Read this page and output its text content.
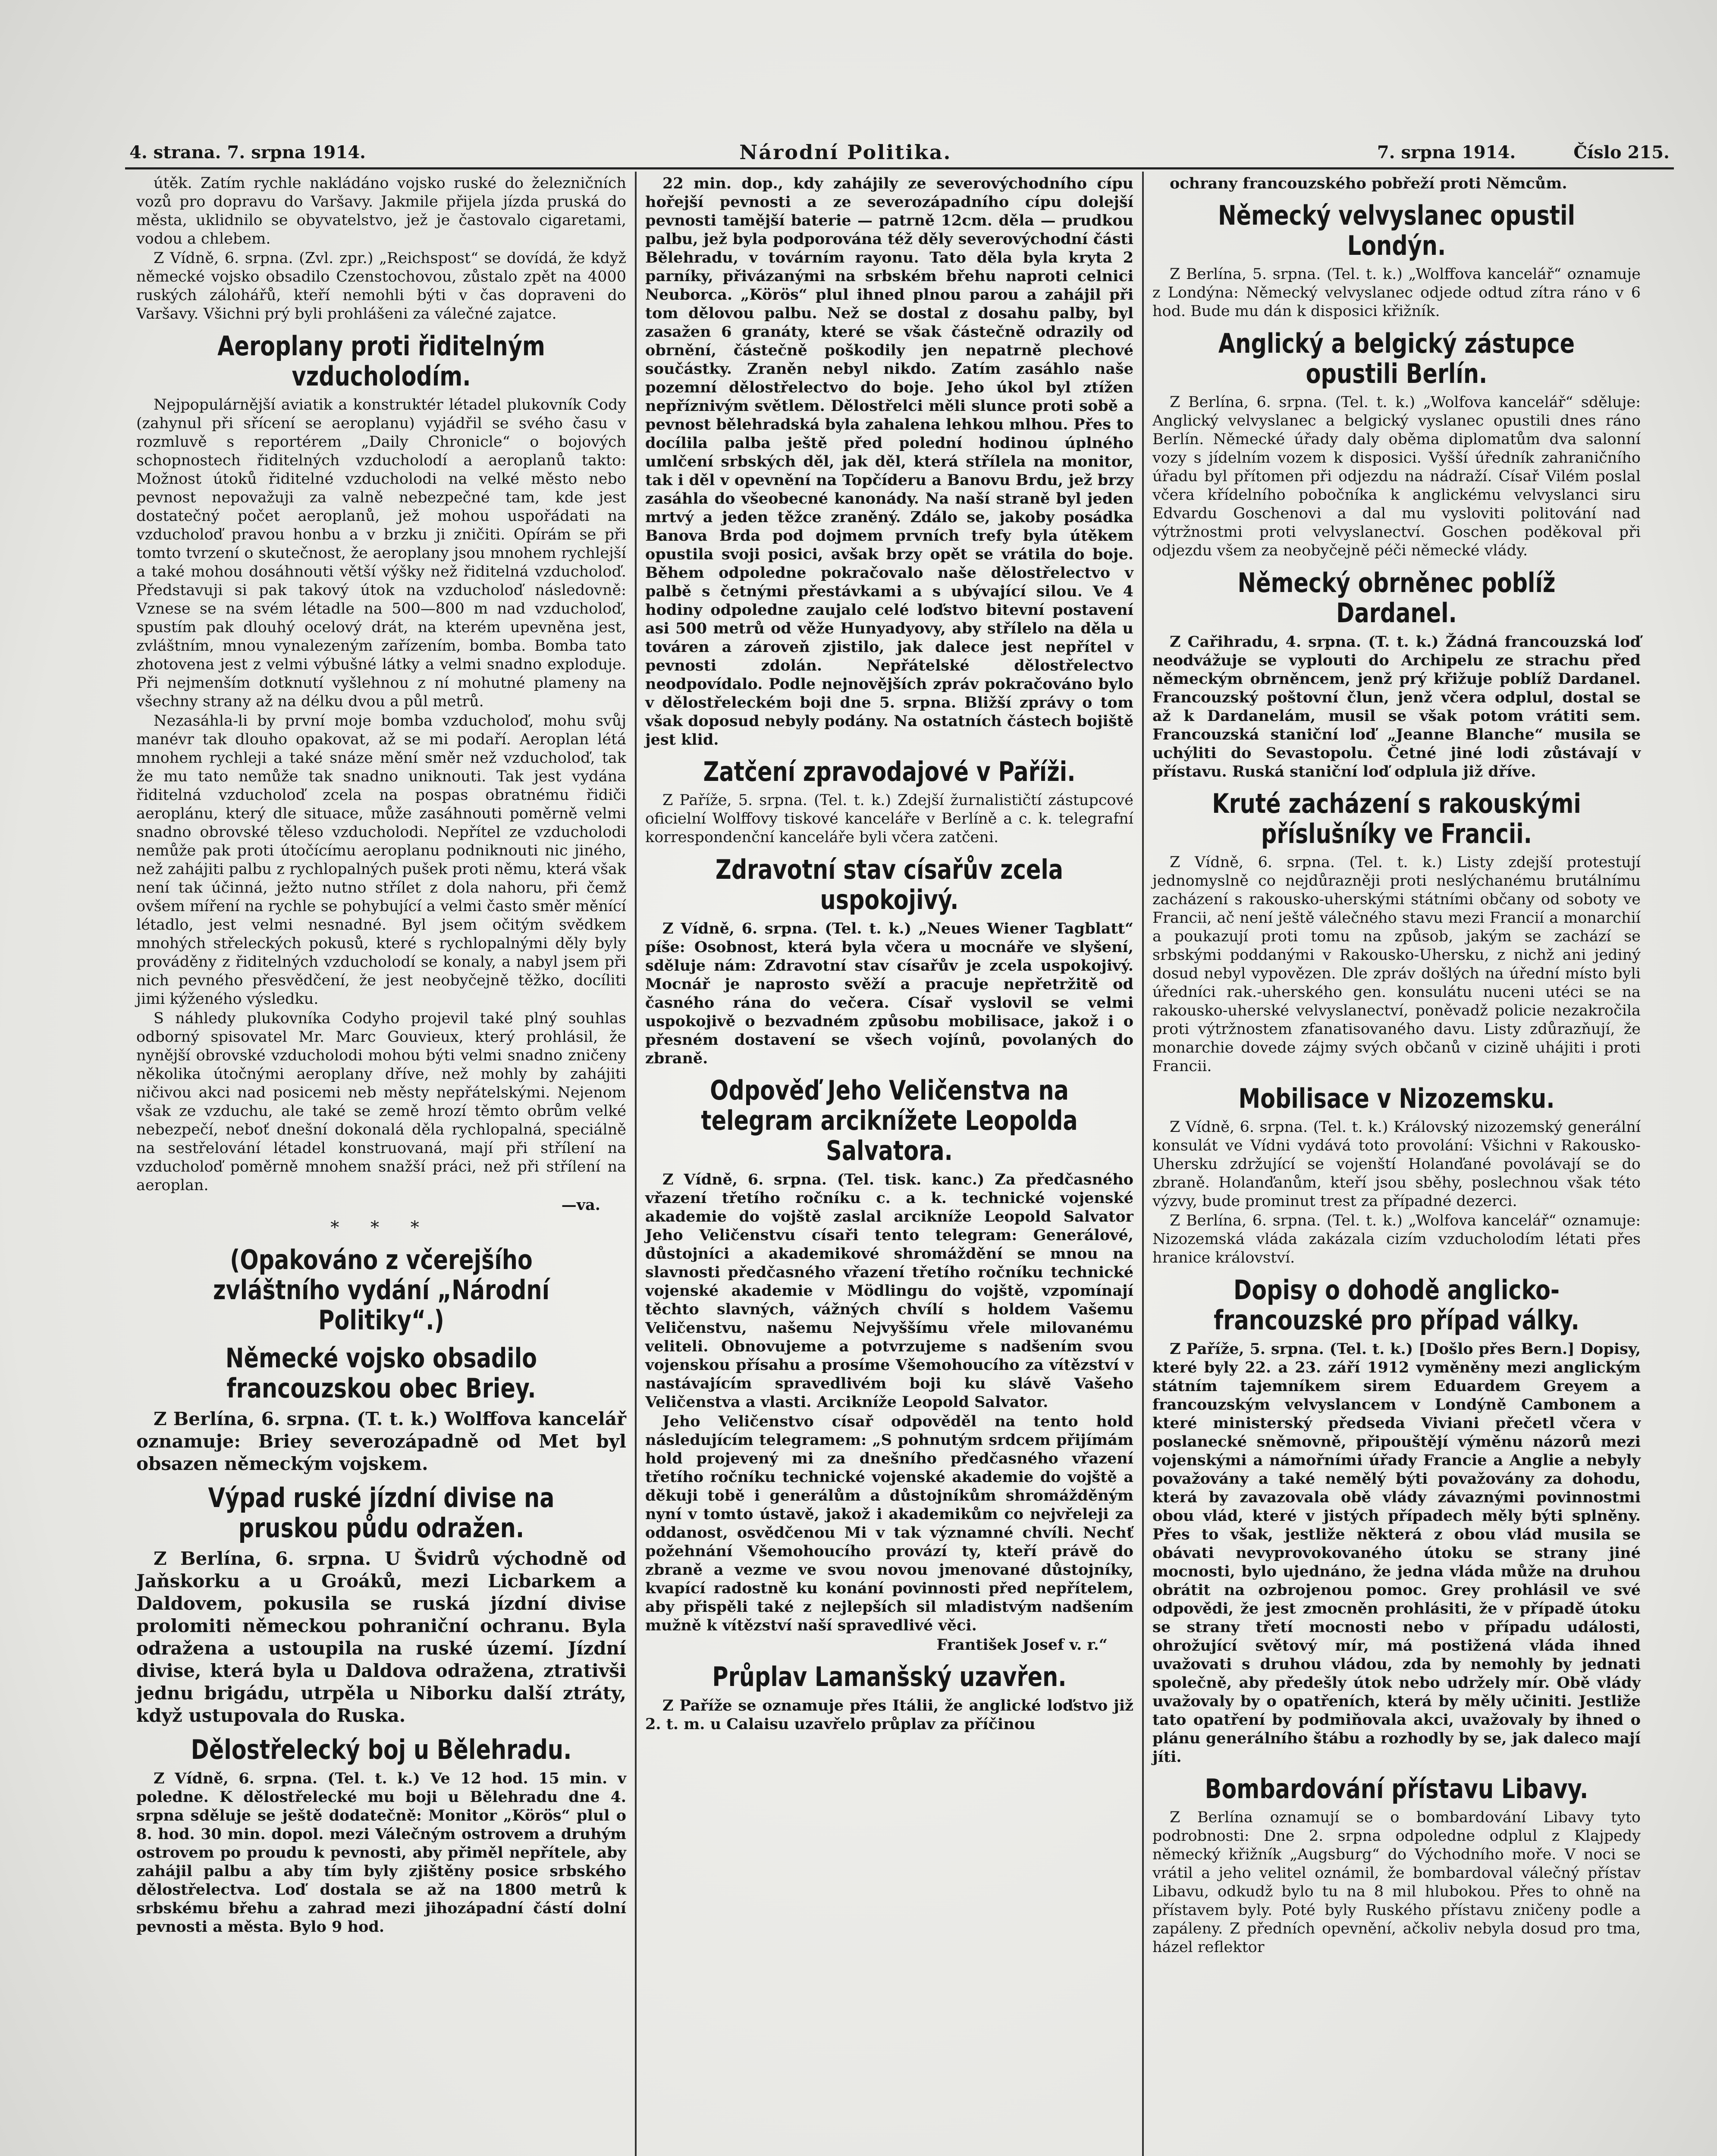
4. strana. 7. srpna 1914.	Národní Politika.	7. srpna 1914.	Číslo 215.

útěk. Zatím rychle nakládáno vojsko ruské do železničních vozů pro dopravu do Varšavy. Jakmile přijela jízda pruská do města, uklidnilo se obyvatelstvo, jež je častovalo cigaretami, vodou a chlebem.

Z Vídně, 6. srpna. (Zvl. zpr.) „Reichspost“ se dovídá, že když německé vojsko obsadilo Czenstochovou, zůstalo zpět na 4000 ruských zálohářů, kteří nemohli býti v čas dopraveni do Varšavy. Všichni prý byli prohlášeni za válečné zajatce.

Aeroplany proti řiditelným vzducholodím.

Nejpopulárnější aviatik a konstruktér létadel plukovník Cody (zahynul při sřícení se aeroplanu) vyjádřil se svého času v rozmluvě s reportérem „Daily Chronicle“ o bojových schopnostech řiditelných vzducholodí a aeroplanů takto: Možnost útoků řiditelné vzducholodi na velké město nebo pevnost nepovažuji za valně nebezpečné tam, kde jest dostatečný počet aeroplanů, jež mohou uspořádati na vzducholoď pravou honbu a v brzku ji zničiti. Opírám se při tomto tvrzení o skutečnost, že aeroplany jsou mnohem rychlejší a také mohou dosáhnouti větší výšky než řiditelná vzducholoď. Představuji si pak takový útok na vzducholoď následovně: Vznese se na svém létadle na 500—800 m nad vzducholoď, spustím pak dlouhý ocelový drát, na kterém upevněna jest, zvláštním, mnou vynalezeným zařízením, bomba. Bomba tato zhotovena jest z velmi výbušné látky a velmi snadno exploduje. Při nejmenším dotknutí vyšlehnou z ní mohutné plameny na všechny strany až na délku dvou a půl metrů.

Nezasáhla-li by první moje bomba vzducholoď, mohu svůj manévr tak dlouho opakovat, až se mi podaří. Aeroplan létá mnohem rychleji a také snáze mění směr než vzducholoď, tak že mu tato nemůže tak snadno uniknouti. Tak jest vydána řiditelná vzducholoď zcela na pospas obratnému řidiči aeroplánu, který dle situace, může zasáhnouti poměrně velmi snadno obrovské těleso vzducholodi. Nepřítel ze vzducholodi nemůže pak proti útočícímu aeroplanu podniknouti nic jiného, než zahájiti palbu z rychlopalných pušek proti němu, která však není tak účinná, ježto nutno střílet z dola nahoru, při čemž ovšem míření na rychle se pohybující a velmi často směr měnící létadlo, jest velmi nesnadné. Byl jsem očitým svědkem mnohých střeleckých pokusů, které s rychlopalnými děly byly prováděny z řiditelných vzducholodí se konaly, a nabyl jsem při nich pevného přesvědčení, že jest neobyčejně těžko, docíliti jimi kýženého výsledku.

S náhledy plukovníka Codyho projevil také plný souhlas odborný spisovatel Mr. Marc Gouvieux, který prohlásil, že nynější obrovské vzducholodi mohou býti velmi snadno zničeny několika útočnými aeroplany dříve, než mohly by zahájiti ničivou akci nad posicemi neb městy nepřátelskými. Nejenom však ze vzduchu, ale také se země hrozí těmto obrům velké nebezpečí, neboť dnešní dokonalá děla rychlopalná, speciálně na sestřelování létadel konstruovaná, mají při střílení na vzducholoď poměrně mnohem snažší práci, než při střílení na aeroplan.

—va.
* * *
(Opakováno z včerejšího zvláštního vydání „Národní Politiky“.)
Německé vojsko obsadilo francouzskou obec Briey.

Z Berlína, 6. srpna. (T. t. k.) Wolffova kancelář oznamuje: Briey severozápadně od Met byl obsazen německým vojskem.

Výpad ruské jízdní divise na pruskou půdu odražen.

Z Berlína, 6. srpna. U Švidrů východně od Jaňskorku a u Groáků, mezi Licbarkem a Daldovem, pokusila se ruská jízdní divise prolomiti německou pohraniční ochranu. Byla odražena a ustoupila na ruské území. Jízdní divise, která byla u Daldova odražena, ztrativši jednu brigádu, utrpěla u Niborku další ztráty, když ustupovala do Ruska.

Dělostřelecký boj u Bělehradu.

Z Vídně, 6. srpna. (Tel. t. k.) Ve 12 hod. 15 min. v poledne. K dělostřelecké mu boji u Bělehradu dne 4. srpna sděluje se ještě dodatečně: Monitor „Körös“ plul o 8. hod. 30 min. dopol. mezi Válečným ostrovem a druhým ostrovem po proudu k pevnosti, aby přiměl nepřítele, aby zahájil palbu a aby tím byly zjištěny posice srbského dělostřelectva. Loď dostala se až na 1800 metrů k srbskému břehu a zahrad mezi jihozápadní částí dolní pevnosti a města. Bylo 9 hod.

22 min. dop., kdy zahájily ze severovýchodního cípu hořejší pevnosti a ze severozápadního cípu dolejší pevnosti tamější baterie — patrně 12cm. děla — prudkou palbu, jež byla podporována též děly severovýchodní části Bělehradu, v továrním rayonu. Tato děla byla kryta 2 parníky, přivázanými na srbském břehu naproti celnici Neuborca. „Körös“ plul ihned plnou parou a zahájil při tom dělovou palbu. Než se dostal z dosahu palby, byl zasažen 6 granáty, které se však částečně odrazily od obrnění, částečně poškodily jen nepatrně plechové součástky. Zraněn nebyl nikdo. Zatím zasáhlo naše pozemní dělostřelectvo do boje. Jeho úkol byl ztížen nepříznivým světlem. Dělostřelci měli slunce proti sobě a pevnost bělehradská byla zahalena lehkou mlhou. Přes to docílila palba ještě před polední hodinou úplného umlčení srbských děl, jak děl, která střílela na monitor, tak i děl v opevnění na Topčíderu a Banovu Brdu, jež brzy zasáhla do všeobecné kanonády. Na naší straně byl jeden mrtvý a jeden těžce zraněný. Zdálo se, jakoby posádka Banova Brda pod dojmem prvních trefy byla útěkem opustila svoji posici, avšak brzy opět se vrátila do boje. Během odpoledne pokračovalo naše dělostřelectvo v palbě s četnými přestávkami a s ubývající silou. Ve 4 hodiny odpoledne zaujalo celé loďstvo bitevní postavení asi 500 metrů od věže Hunyadyovy, aby střílelo na děla u továren a zároveň zjistilo, jak dalece jest nepřítel v pevnosti zdolán. Nepřátelské dělostřelectvo neodpovídalo. Podle nejnovějších zpráv pokračováno bylo v dělostřeleckém boji dne 5. srpna. Bližší zprávy o tom však doposud nebyly podány. Na ostatních částech bojiště jest klid.

Zatčení zpravodajové v Paříži.

Z Paříže, 5. srpna. (Tel. t. k.) Zdejší žurnalističtí zástupcové oficielní Wolffovy tiskové kanceláře v Berlíně a c. k. telegrafní korrespondenční kanceláře byli včera zatčeni.

Zdravotní stav císařův zcela uspokojivý.

Z Vídně, 6. srpna. (Tel. t. k.) „Neues Wiener Tagblatt“ píše: Osobnost, která byla včera u mocnáře ve slyšení, sděluje nám: Zdravotní stav císařův je zcela uspokojivý. Mocnář je naprosto svěží a pracuje nepřetržitě od časného rána do večera. Císař vyslovil se velmi uspokojivě o bezvadném způsobu mobilisace, jakož i o přesném dostavení se všech vojínů, povolaných do zbraně.

Odpověď Jeho Veličenstva na telegram arciknížete Leopolda Salvatora.

Z Vídně, 6. srpna. (Tel. tisk. kanc.) Za předčasného vřazení třetího ročníku c. a k. technické vojenské akademie do vojště zaslal arcikníže Leopold Salvator Jeho Veličenstvu císaři tento telegram: Generálové, důstojníci a akademikové shromáždění se mnou na slavnosti předčasného vřazení třetího ročníku technické vojenské akademie v Mödlingu do vojště, vzpomínají těchto slavných, vážných chvílí s holdem Vašemu Veličenstvu, našemu Nejvyššímu vřele milovanému veliteli. Obnovujeme a potvrzujeme s nadšením svou vojenskou přísahu a prosíme Všemohoucího za vítězství v nastávajícím spravedlivém boji ku slávě Vašeho Veličenstva a vlasti. Arcikníže Leopold Salvator.

Jeho Veličenstvo císař odpověděl na tento hold následujícím telegramem: „S pohnutým srdcem přijímám hold projevený mi za dnešního předčasného vřazení třetího ročníku technické vojenské akademie do vojště a děkuji tobě i generálům a důstojníkům shromážděným nyní v tomto ústavě, jakož i akademikům co nejvřeleji za oddanost, osvědčenou Mi v tak významné chvíli. Nechť požehnání Všemohoucího provází ty, kteří právě do zbraně a vezme ve svou novou jmenované důstojníky, kvapící radostně ku konání povinnosti před nepřítelem, aby přispěli také z nejlepších sil mladistvým nadšením mužně k vítězství naší spravedlivé věci.

František Josef v. r.“
Průplav Lamanšský uzavřen.

Z Paříže se oznamuje přes Itálii, že anglické loďstvo již 2. t. m. u Calaisu uzavřelo průplav za příčinou

ochrany francouzského pobřeží proti Němcům.

Německý velvyslanec opustil Londýn.

Z Berlína, 5. srpna. (Tel. t. k.) „Wolffova kancelář“ oznamuje z Londýna: Německý velvyslanec odjede odtud zítra ráno v 6 hod. Bude mu dán k disposici křižník.

Anglický a belgický zástupce opustili Berlín.

Z Berlína, 6. srpna. (Tel. t. k.) „Wolfova kancelář“ sděluje: Anglický velvyslanec a belgický vyslanec opustili dnes ráno Berlín. Německé úřady daly oběma diplomatům dva salonní vozy s jídelním vozem k disposici. Vyšší úředník zahraničního úřadu byl přítomen při odjezdu na nádraží. Císař Vilém poslal včera křídelního pobočníka k anglickému velvyslanci siru Edvardu Goschenovi a dal mu vysloviti politování nad výtržnostmi proti velvyslanectví. Goschen poděkoval při odjezdu všem za neobyčejně péči německé vlády.

Německý obrněnec poblíž Dardanel.

Z Cařihradu, 4. srpna. (T. t. k.) Žádná francouzská loď neodvážuje se vyplouti do Archipelu ze strachu před německým obrněncem, jenž prý křižuje poblíž Dardanel. Francouzský poštovní člun, jenž včera odplul, dostal se až k Dardanelám, musil se však potom vrátiti sem. Francouzská staniční loď „Jeanne Blanche“ musila se uchýliti do Sevastopolu. Četné jiné lodi zůstávají v přístavu. Ruská staniční loď odplula již dříve.

Kruté zacházení s rakouskými příslušníky ve Francii.

Z Vídně, 6. srpna. (Tel. t. k.) Listy zdejší protestují jednomyslně co nejdůrazněji proti neslýchanému brutálnímu zacházení s rakousko-uherskými státními občany od soboty ve Francii, ač není ještě válečného stavu mezi Francií a monarchií a poukazují proti tomu na způsob, jakým se zachází se srbskými poddanými v Rakousko-Uhersku, z nichž ani jediný dosud nebyl vypovězen. Dle zpráv došlých na úřední místo byli úředníci rak.-uherského gen. konsulátu nuceni utéci se na rakousko-uherské velvyslanectví, poněvadž policie nezakročila proti výtržnostem zfanatisovaného davu. Listy zdůrazňují, že monarchie dovede zájmy svých občanů v cizině uhájiti i proti Francii.

Mobilisace v Nizozemsku.

Z Vídně, 6. srpna. (Tel. t. k.) Královský nizozemský generální konsulát ve Vídni vydává toto provolání: Všichni v Rakousko-Uhersku zdržující se vojenští Holanďané povolávají se do zbraně. Holanďanům, kteří jsou sběhy, poslechnou však této výzvy, bude prominut trest za případné dezerci.

Z Berlína, 6. srpna. (Tel. t. k.) „Wolfova kancelář“ oznamuje: Nizozemská vláda zakázala cizím vzducholodím létati přes hranice království.

Dopisy o dohodě anglicko-francouzské pro případ války.

Z Paříže, 5. srpna. (Tel. t. k.) [Došlo přes Bern.] Dopisy, které byly 22. a 23. září 1912 vyměněny mezi anglickým státním tajemníkem sirem Eduardem Greyem a francouzským velvyslancem v Londýně Cambonem a které ministerský předseda Viviani přečetl včera v poslanecké sněmovně, připouštějí výměnu názorů mezi vojenskými a námořními úřady Francie a Anglie a nebyly považovány a také nemělý býti považovány za dohodu, která by zavazovala obě vlády závaznými povinnostmi obou vlád, které v jistých případech měly býti splněny. Přes to však, jestliže některá z obou vlád musila se obávati nevyprovokovaného útoku se strany jiné mocnosti, bylo ujednáno, že jedna vláda může na druhou obrátit na ozbrojenou pomoc. Grey prohlásil ve své odpovědi, že jest zmocněn prohlásiti, že v případě útoku se strany třetí mocnosti nebo v případu události, ohrožující světový mír, má postižená vláda ihned uvažovati s druhou vládou, zda by nemohly by jednati společně, aby předešly útok nebo udržely mír. Obě vlády uvažovaly by o opatřeních, která by měly učiniti. Jestliže tato opatření by podmiňovala akci, uvažovaly by ihned o plánu generálního štábu a rozhodly by se, jak daleco mají jíti.

Bombardování přístavu Libavy.

Z Berlína oznamují se o bombardování Libavy tyto podrobnosti: Dne 2. srpna odpoledne odplul z Klajpedy německý křižník „Augsburg“ do Východního moře. V noci se vrátil a jeho velitel oznámil, že bombardoval válečný přístav Libavu, odkudž bylo tu na 8 mil hlubokou. Přes to ohně na přístavem byly. Poté byly Ruského přístavu zničeny podle a zapáleny. Z předních opevnění, ačkoliv nebyla dosud pro tma, házel reflektor
